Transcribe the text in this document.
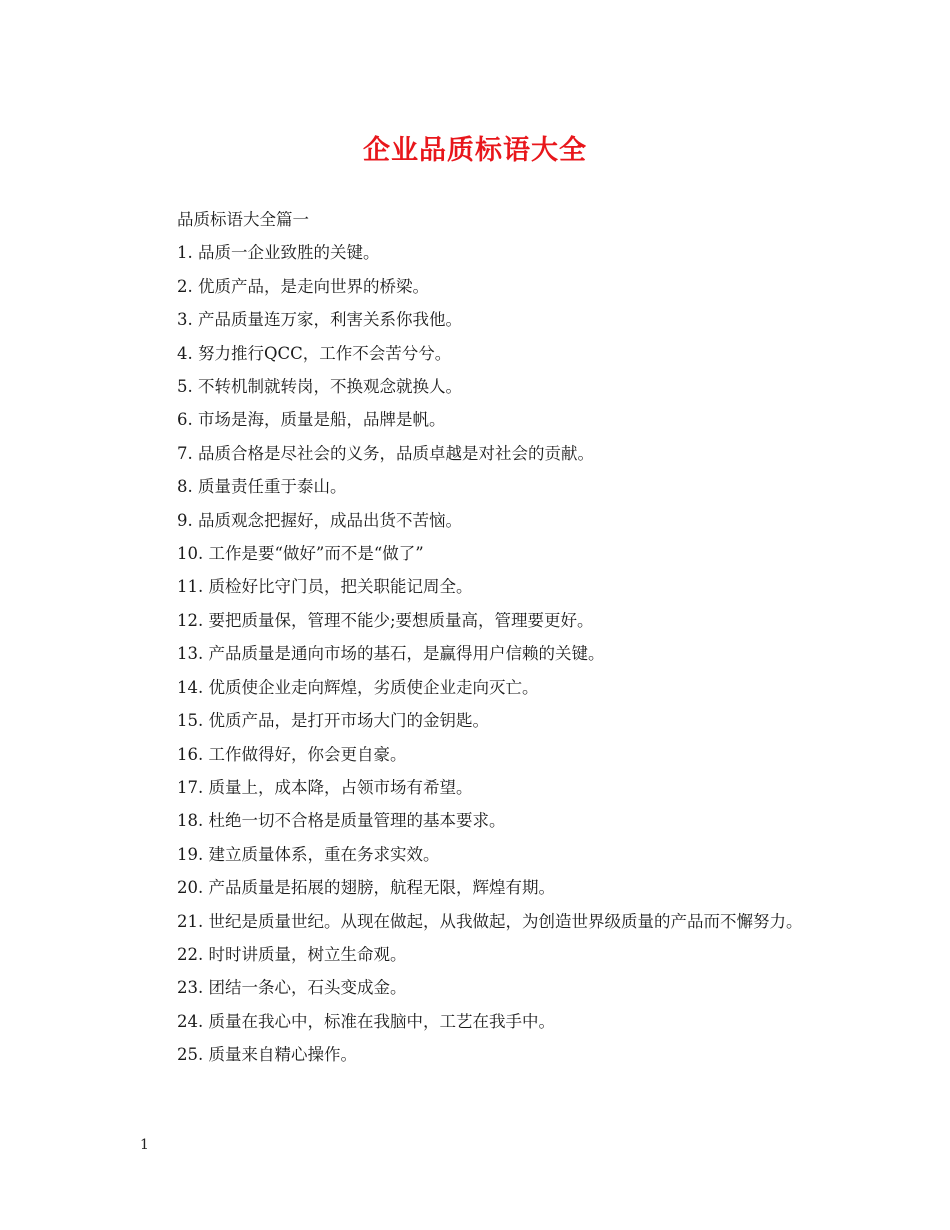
企业品质标语大全

品质标语大全篇一

1. 品质一企业致胜的关键。

2. 优质产品，是走向世界的桥梁。

3. 产品质量连万家，利害关系你我他。

4. 努力推行QCC，工作不会苦兮兮。

5. 不转机制就转岗，不换观念就换人。

6. 市场是海，质量是船，品牌是帆。

7. 品质合格是尽社会的义务，品质卓越是对社会的贡献。

8. 质量责任重于泰山。

9. 品质观念把握好，成品出货不苦恼。

10. 工作是要“做好”而不是“做了”

11. 质检好比守门员，把关职能记周全。

12. 要把质量保，管理不能少;要想质量高，管理要更好。

13. 产品质量是通向市场的基石，是赢得用户信赖的关键。

14. 优质使企业走向辉煌，劣质使企业走向灭亡。

15. 优质产品，是打开市场大门的金钥匙。

16. 工作做得好，你会更自豪。

17. 质量上，成本降，占领市场有希望。

18. 杜绝一切不合格是质量管理的基本要求。

19. 建立质量体系，重在务求实效。

20. 产品质量是拓展的翅膀，航程无限，辉煌有期。

21. 世纪是质量世纪。从现在做起，从我做起，为创造世界级质量的产品而不懈努力。

22. 时时讲质量，树立生命观。

23. 团结一条心，石头变成金。

24. 质量在我心中，标准在我脑中，工艺在我手中。

25. 质量来自精心操作。

1
